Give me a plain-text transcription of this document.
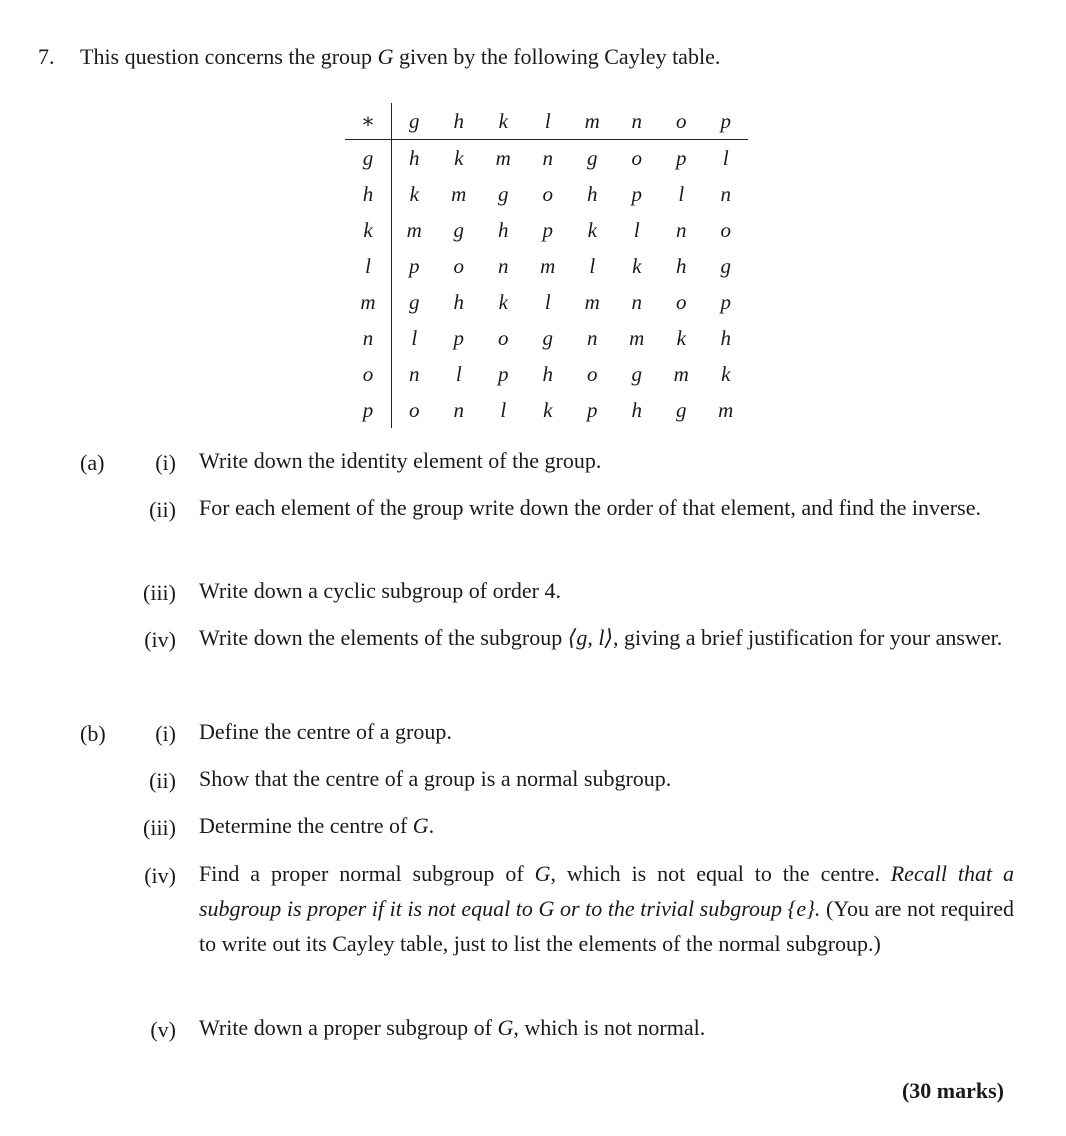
7. This question concerns the group G given by the following Cayley table.
∗	g	h	k	l	m	n	o	p
g	h	k	m	n	g	o	p	l
h	k	m	g	o	h	p	l	n
k	m	g	h	p	k	l	n	o
l	p	o	n	m	l	k	h	g
m	g	h	k	l	m	n	o	p
n	l	p	o	g	n	m	k	h
o	n	l	p	h	o	g	m	k
p	o	n	l	k	p	h	g	m
(a)	(i) Write down the identity element of the group.
(ii) For each element of the group write down the order of that element, and find the inverse.
(iii) Write down a cyclic subgroup of order 4.
(iv) Write down the elements of the subgroup ⟨g, l⟩, giving a brief justification for your answer.
(b)	(i) Define the centre of a group.
(ii) Show that the centre of a group is a normal subgroup.
(iii) Determine the centre of G.
(iv) Find a proper normal subgroup of G, which is not equal to the centre. Recall that a subgroup is proper if it is not equal to G or to the trivial subgroup {e}. (You are not required to write out its Cayley table, just to list the elements of the normal subgroup.)
(v) Write down a proper subgroup of G, which is not normal.
(30 marks)
